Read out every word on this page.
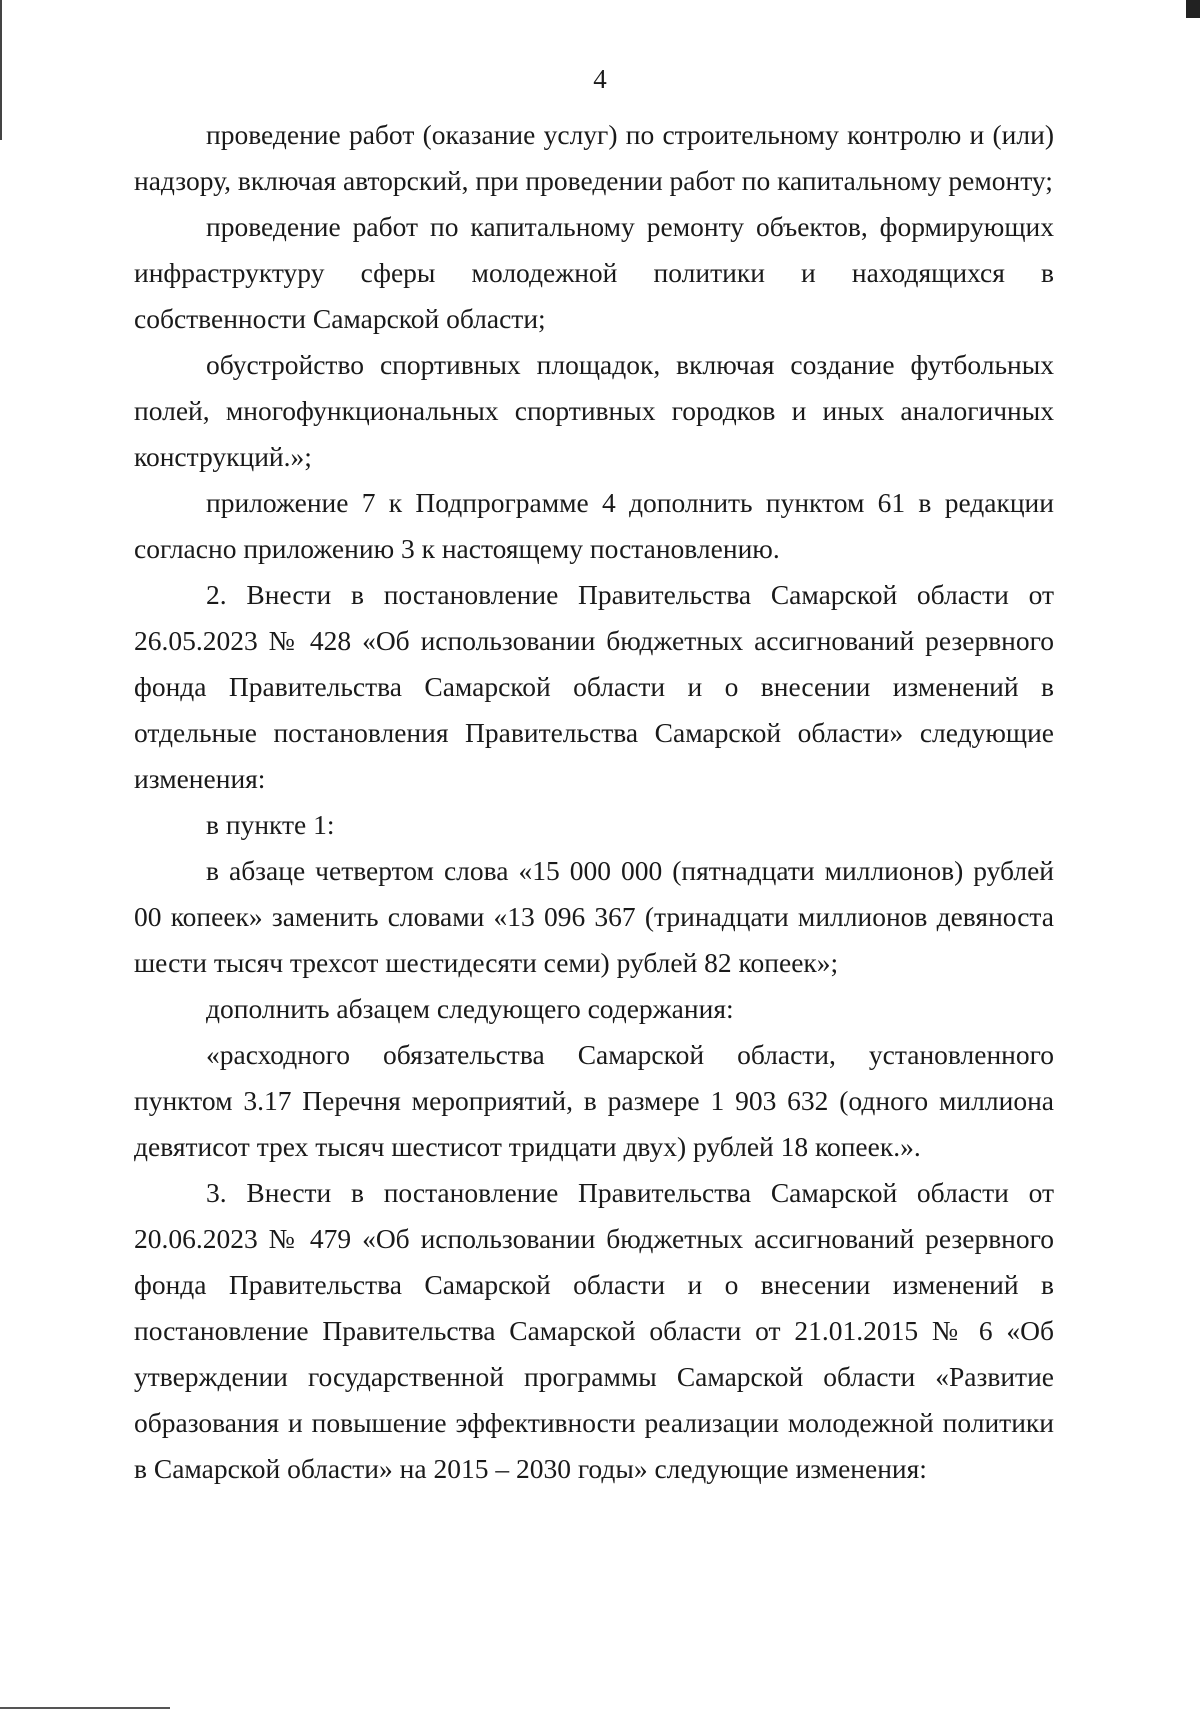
4

проведение работ (оказание услуг) по строительному контролю и (или) надзору, включая авторский, при проведении работ по капитальному ремонту;

проведение работ по капитальному ремонту объектов, формирующих инфраструктуру сферы молодежной политики и находящихся в собственности Самарской области;

обустройство спортивных площадок, включая создание футбольных полей, многофункциональных спортивных городков и иных аналогичных конструкций.»;

приложение 7 к Подпрограмме 4 дополнить пунктом 61 в редакции согласно приложению 3 к настоящему постановлению.

2. Внести в постановление Правительства Самарской области от 26.05.2023 № 428 «Об использовании бюджетных ассигнований резервного фонда Правительства Самарской области и о внесении изменений в отдельные постановления Правительства Самарской области» следующие изменения:

в пункте 1:

в абзаце четвертом слова «15 000 000 (пятнадцати миллионов) рублей 00 копеек» заменить словами «13 096 367 (тринадцати миллионов девяноста шести тысяч трехсот шестидесяти семи) рублей 82 копеек»;

дополнить абзацем следующего содержания:

«расходного обязательства Самарской области, установленного пунктом 3.17 Перечня мероприятий, в размере 1 903 632 (одного миллиона девятисот трех тысяч шестисот тридцати двух) рублей 18 копеек.».

3. Внести в постановление Правительства Самарской области от 20.06.2023 № 479 «Об использовании бюджетных ассигнований резервного фонда Правительства Самарской области и о внесении изменений в постановление Правительства Самарской области от 21.01.2015 № 6 «Об утверждении государственной программы Самарской области «Развитие образования и повышение эффективности реализации молодежной политики в Самарской области» на 2015 – 2030 годы» следующие изменения:
